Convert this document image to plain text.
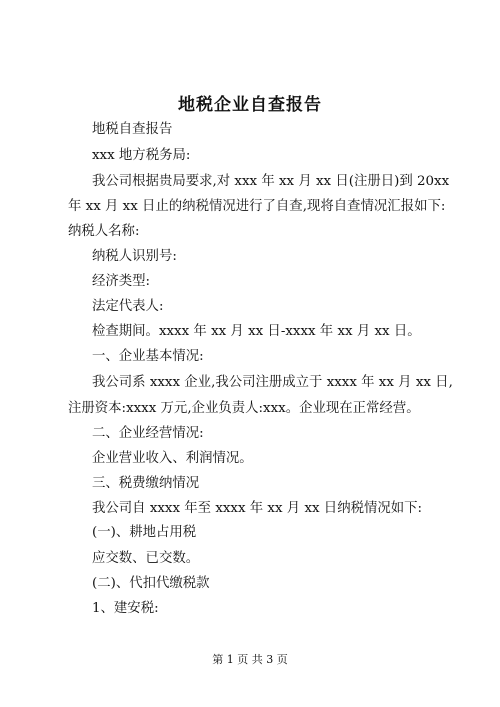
地税企业自查报告
地税自查报告
xxx 地方税务局:
我公司根据贵局要求,对 xxx 年 xx 月 xx 日(注册日)到 20xx
年 xx 月 xx 日止的纳税情况进行了自查,现将自查情况汇报如下:
纳税人名称:
纳税人识别号:
经济类型:
法定代表人:
检查期间。xxxx 年 xx 月 xx 日-xxxx 年 xx 月 xx 日。
一、企业基本情况:
我公司系 xxxx 企业,我公司注册成立于 xxxx 年 xx 月 xx 日,
注册资本:xxxx 万元,企业负责人:xxx。企业现在正常经营。
二、企业经营情况:
企业营业收入、利润情况。
三、税费缴纳情况
我公司自 xxxx 年至 xxxx 年 xx 月 xx 日纳税情况如下:
(一)、耕地占用税
应交数、已交数。
(二)、代扣代缴税款
1、建安税:
第 1 页 共 3 页
